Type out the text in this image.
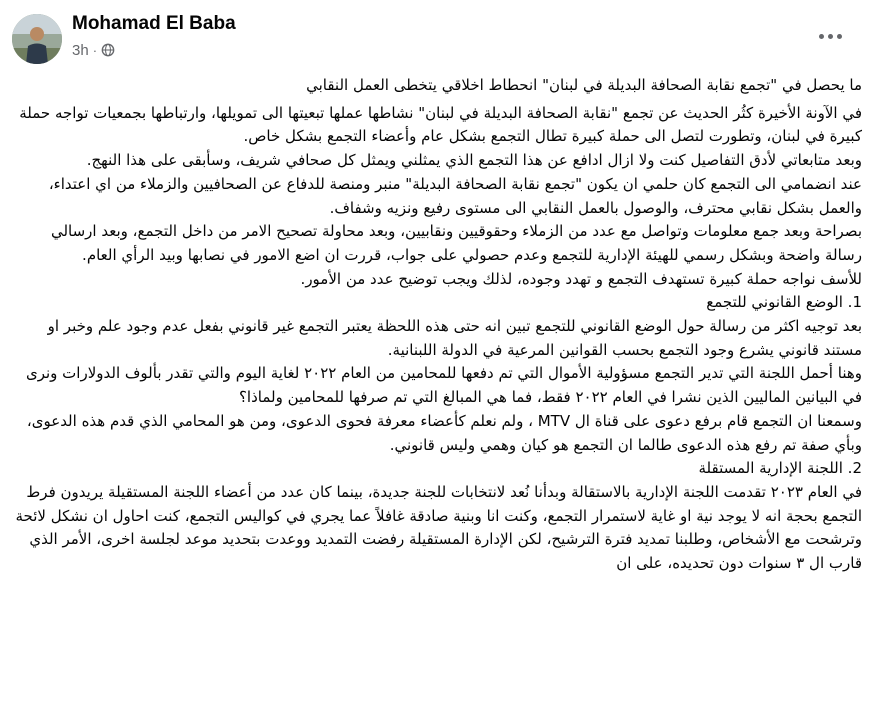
Mohamad El Baba
3h ·

ما يحصل في "تجمع نقابة الصحافة البديلة في لبنان" انحطاط اخلاقي يتخطى العمل النقابي

في الآونة الأخيرة كثُر الحديث عن تجمع "نقابة الصحافة البديلة في لبنان" نشاطها عملها تبعيتها الى تمويلها، وارتباطها بجمعيات تواجه حملة كبيرة في لبنان، وتطورت لتصل الى حملة كبيرة تطال التجمع بشكل عام وأعضاء التجمع بشكل خاص.

وبعد متابعاتي لأدق التفاصيل كنت ولا ازال ادافع عن هذا التجمع الذي يمثلني ويمثل كل صحافي شريف، وسأبقى على هذا النهج.

عند انضمامي الى التجمع كان حلمي ان يكون "تجمع نقابة الصحافة البديلة" منبر ومنصة للدفاع عن الصحافيين والزملاء من اي اعتداء، والعمل بشكل نقابي محترف، والوصول بالعمل النقابي الى مستوى رفيع ونزيه وشفاف.

بصراحة وبعد جمع معلومات وتواصل مع عدد من الزملاء وحقوقيين ونقابيين، وبعد محاولة تصحيح الامر من داخل التجمع، وبعد ارسالي رسالة واضحة وبشكل رسمي للهيئة الإدارية للتجمع وعدم حصولي على جواب، قررت ان اضع الامور في نصابها وبيد الرأي العام.

للأسف نواجه حملة كبيرة تستهدف التجمع و تهدد وجوده، لذلك ويجب توضيح عدد من الأمور.

1. الوضع القانوني للتجمع

بعد توجيه اكثر من رسالة حول الوضع القانوني للتجمع تبين انه حتى هذه اللحظة يعتبر التجمع غير قانوني بفعل عدم وجود علم وخبر او مستند قانوني يشرع وجود التجمع بحسب القوانين المرعية في الدولة اللبنانية.

وهنا أحمل اللجنة التي تدير التجمع مسؤولية الأموال التي تم دفعها للمحامين من العام ٢٠٢٢ لغاية اليوم والتي تقدر بألوف الدولارات ونرى في البيانين الماليين الذين نشرا في العام ٢٠٢٢ فقط، فما هي المبالغ التي تم صرفها للمحامين ولماذا؟

وسمعنا ان التجمع قام برفع دعوى على قناة ال MTV ، ولم نعلم كأعضاء معرفة فحوى الدعوى، ومن هو المحامي الذي قدم هذه الدعوى، وبأي صفة تم رفع هذه الدعوى طالما ان التجمع هو كيان وهمي وليس قانوني.

2. اللجنة الإدارية المستقلة

في العام ٢٠٢٣ تقدمت اللجنة الإدارية بالاستقالة وبدأنا نُعد لانتخابات للجنة جديدة، بينما كان عدد من أعضاء اللجنة المستقيلة يريدون فرط التجمع بحجة انه لا يوجد نية او غاية لاستمرار التجمع، وكنت انا وبنية صادقة غافلاً عما يجري في كواليس التجمع، كنت احاول ان نشكل لائحة وترشحت مع الأشخاص، وطلبنا تمديد فترة الترشيح، لكن الإدارة المستقيلة رفضت التمديد ووعدت بتحديد موعد لجلسة اخرى، الأمر الذي قارب ال ٣ سنوات دون تحديده، على ان
